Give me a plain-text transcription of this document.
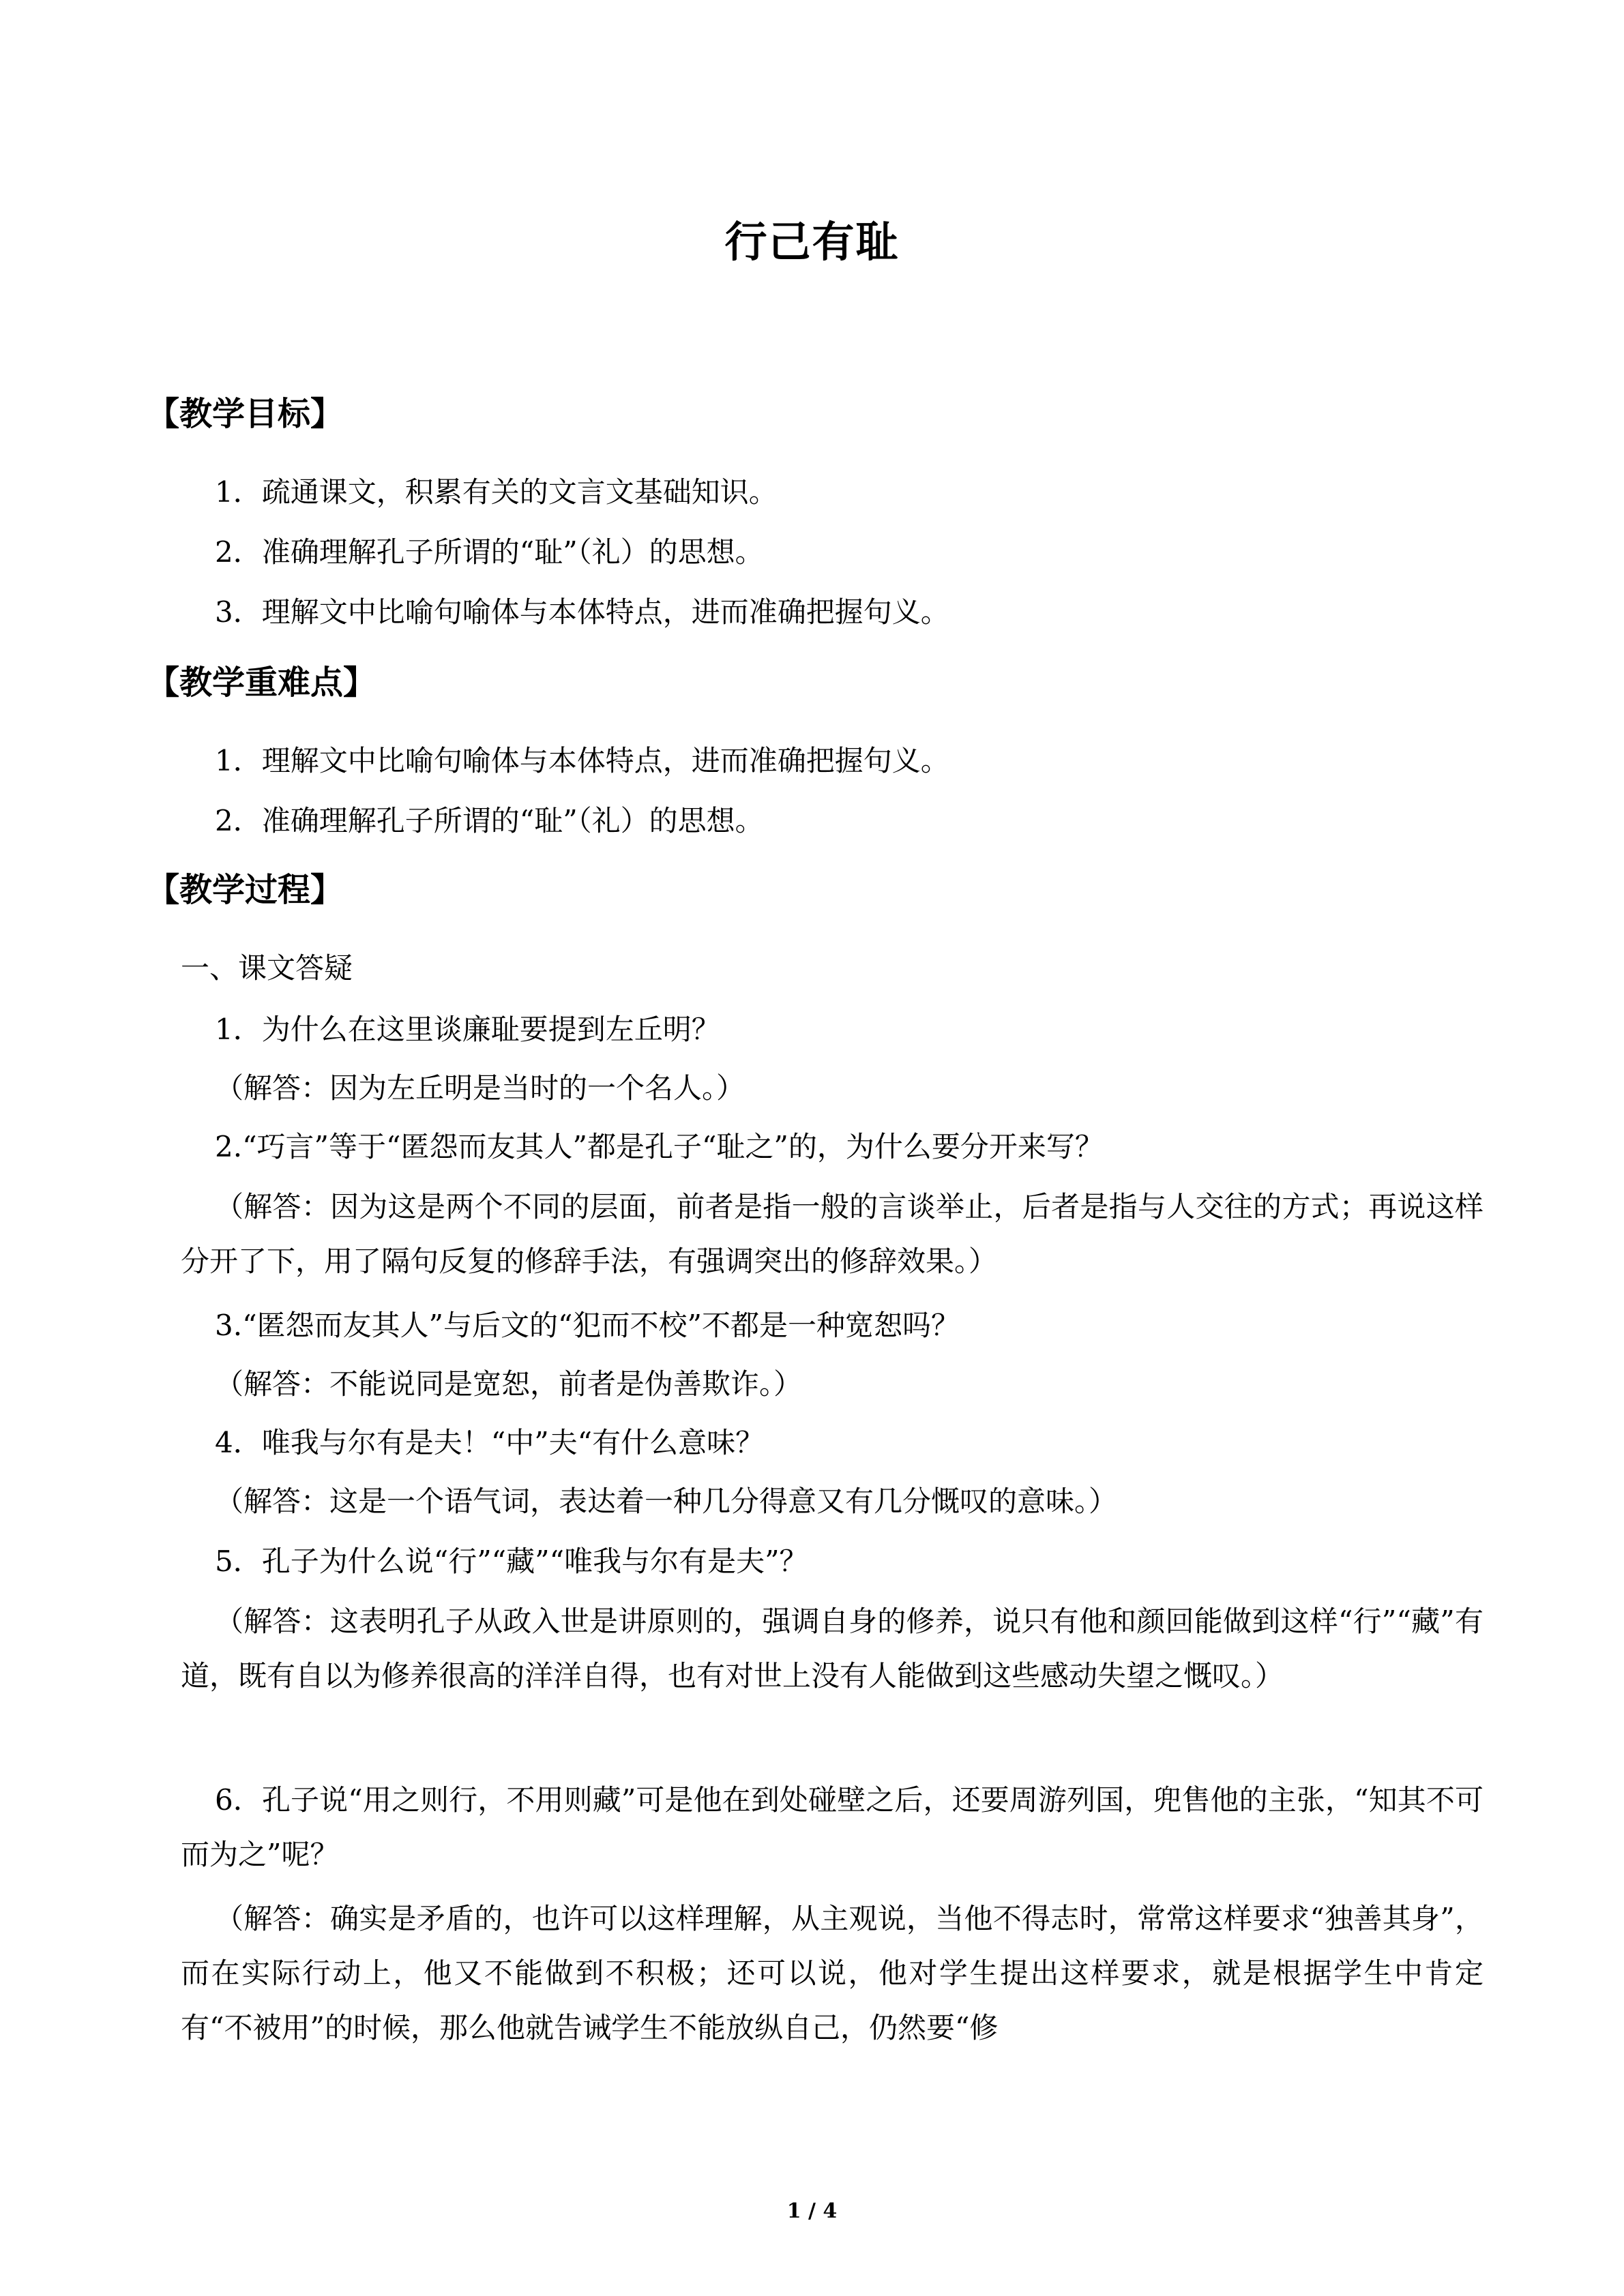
行己有耻
【教学目标】
1．疏通课文，积累有关的文言文基础知识。
2．准确理解孔子所谓的“耻”（礼）的思想。
3．理解文中比喻句喻体与本体特点，进而准确把握句义。
【教学重难点】
1．理解文中比喻句喻体与本体特点，进而准确把握句义。
2．准确理解孔子所谓的“耻”（礼）的思想。
【教学过程】
一、课文答疑
1．为什么在这里谈廉耻要提到左丘明？
（解答：因为左丘明是当时的一个名人。）
2.“巧言”等于“匿怨而友其人”都是孔子“耻之”的，为什么要分开来写？
（解答：因为这是两个不同的层面，前者是指一般的言谈举止，后者是指与人交往的方式；再说这样分开了下，用了隔句反复的修辞手法，有强调突出的修辞效果。）
3.“匿怨而友其人”与后文的“犯而不校”不都是一种宽恕吗？
（解答：不能说同是宽恕，前者是伪善欺诈。）
4．唯我与尔有是夫！“中”夫“有什么意味？
（解答：这是一个语气词，表达着一种几分得意又有几分慨叹的意味。）
5．孔子为什么说“行”“藏”“唯我与尔有是夫”？
（解答：这表明孔子从政入世是讲原则的，强调自身的修养，说只有他和颜回能做到这样“行”“藏”有道，既有自以为修养很高的洋洋自得，也有对世上没有人能做到这些感动失望之慨叹。）
6．孔子说“用之则行，不用则藏”可是他在到处碰壁之后，还要周游列国，兜售他的主张，“知其不可而为之”呢？
（解答：确实是矛盾的，也许可以这样理解，从主观说，当他不得志时，常常这样要求“独善其身”，而在实际行动上，他又不能做到不积极；还可以说，他对学生提出这样要求，就是根据学生中肯定有“不被用”的时候，那么他就告诫学生不能放纵自己，仍然要“修
1 / 4
